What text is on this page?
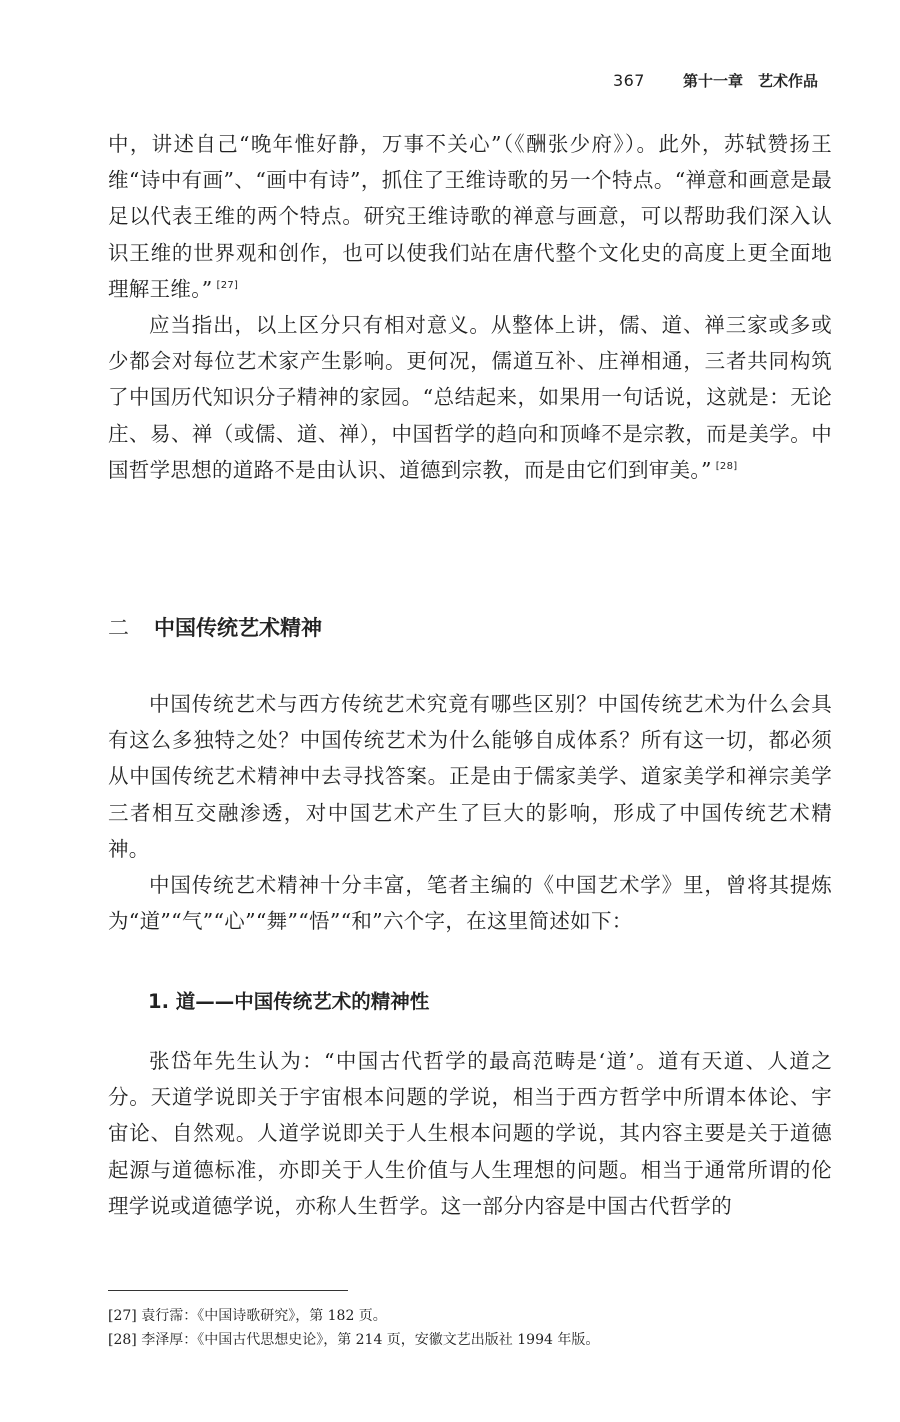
367	第十一章　艺术作品

中，讲述自己“晚年惟好静，万事不关心”（《酬张少府》）。此外，苏轼赞扬王维“诗中有画”、“画中有诗”，抓住了王维诗歌的另一个特点。“禅意和画意是最足以代表王维的两个特点。研究王维诗歌的禅意与画意，可以帮助我们深入认识王维的世界观和创作，也可以使我们站在唐代整个文化史的高度上更全面地理解王维。” [27]

应当指出，以上区分只有相对意义。从整体上讲，儒、道、禅三家或多或少都会对每位艺术家产生影响。更何况，儒道互补、庄禅相通，三者共同构筑了中国历代知识分子精神的家园。“总结起来，如果用一句话说，这就是：无论庄、易、禅（或儒、道、禅），中国哲学的趋向和顶峰不是宗教，而是美学。中国哲学思想的道路不是由认识、道德到宗教，而是由它们到审美。” [28]

二 中国传统艺术精神

中国传统艺术与西方传统艺术究竟有哪些区别？中国传统艺术为什么会具有这么多独特之处？中国传统艺术为什么能够自成体系？所有这一切，都必须从中国传统艺术精神中去寻找答案。正是由于儒家美学、道家美学和禅宗美学三者相互交融渗透，对中国艺术产生了巨大的影响，形成了中国传统艺术精神。

中国传统艺术精神十分丰富，笔者主编的《中国艺术学》里，曾将其提炼为“道”“气”“心”“舞”“悟”“和”六个字，在这里简述如下：

1. 道——中国传统艺术的精神性

张岱年先生认为：“中国古代哲学的最高范畴是‘道’。道有天道、人道之分。天道学说即关于宇宙根本问题的学说，相当于西方哲学中所谓本体论、宇宙论、自然观。人道学说即关于人生根本问题的学说，其内容主要是关于道德起源与道德标准，亦即关于人生价值与人生理想的问题。相当于通常所谓的伦理学说或道德学说，亦称人生哲学。这一部分内容是中国古代哲学的

[27] 袁行霈：《中国诗歌研究》，第 182 页。

[28] 李泽厚：《中国古代思想史论》，第 214 页，安徽文艺出版社 1994 年版。
